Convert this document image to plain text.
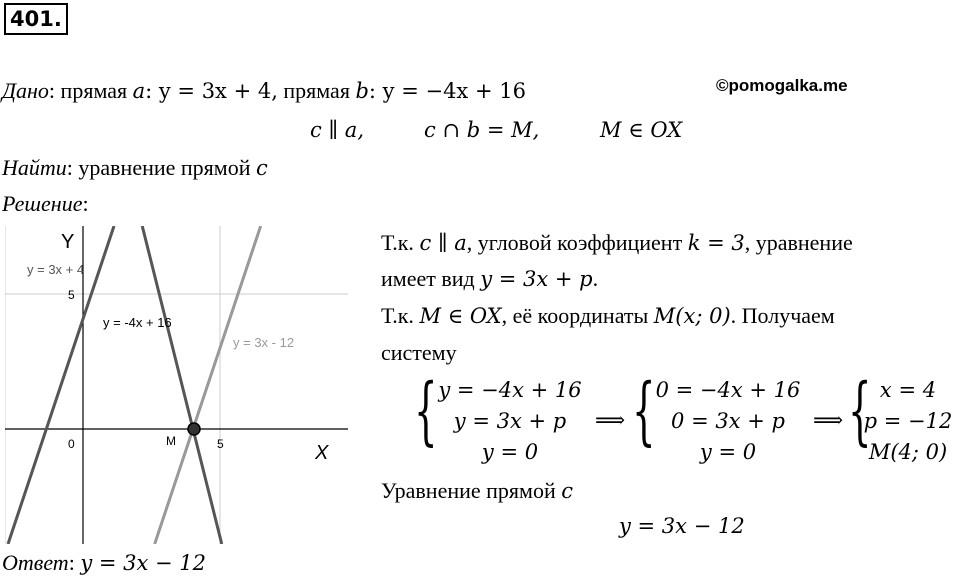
401.
©pomogalka.me
Дано: прямая a: y = 3x + 4, прямая b: y = −4x + 16
c ∥ a,	c ∩ b = M,	M ∈ OX
Найти: уравнение прямой c
Решение:
Y
X
0	5
5
M
y = 3x + 4
y = -4x + 16
y = 3x - 12
Т.к. c ∥ a, угловой коэффициент k = 3, уравнение
имеет вид y = 3x + p.
Т.к. M ∈ OX, её координаты M(x; 0). Получаем
систему
{ y = −4x + 16
y = 3x + p
y = 0
⟹ { 0 = −4x + 16
0 = 3x + p
y = 0
⟹ { x = 4
p = −12
M(4; 0)
Уравнение прямой c
y = 3x − 12
Ответ: y = 3x − 12
